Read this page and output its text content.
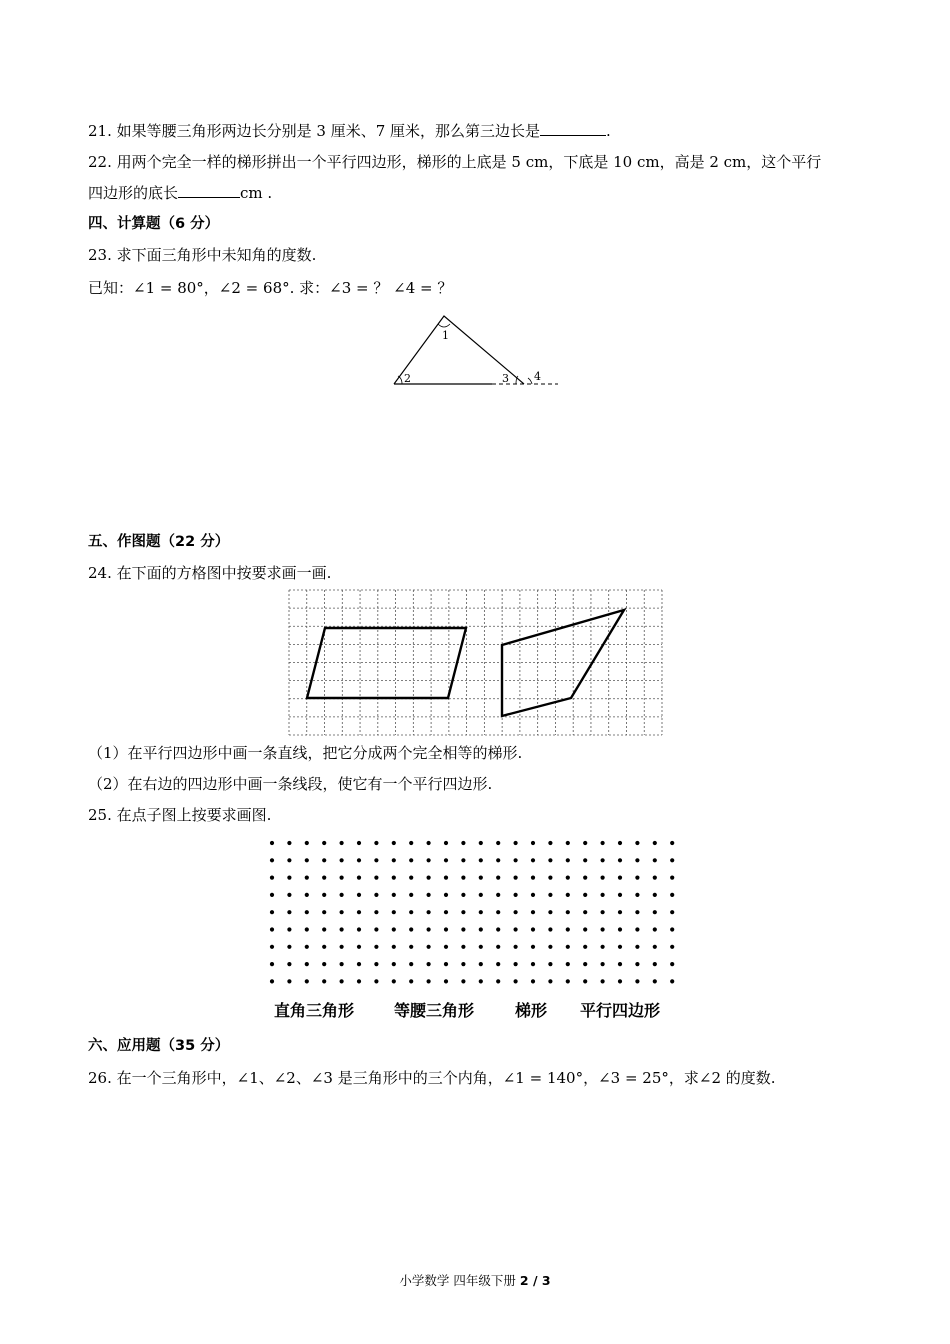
21. 如果等腰三角形两边长分别是 3 厘米、7 厘米，那么第三边长是	.
22. 用两个完全一样的梯形拼出一个平行四边形，梯形的上底是 5 cm，下底是 10 cm，高是 2 cm，这个平行
四边形的底长	cm .
四、计算题（6 分）
23. 求下面三角形中未知角的度数.
已知：∠1 = 80°，∠2 = 68°. 求：∠3 = ？ ∠4 = ？
1
2	3 4
五、作图题（22 分）
24. 在下面的方格图中按要求画一画.
（1）在平行四边形中画一条直线，把它分成两个完全相等的梯形.
（2）在右边的四边形中画一条线段，使它有一个平行四边形.
25. 在点子图上按要求画图.
直角三角形 等腰三角形	梯形 平行四边形
六、应用题（35 分）
26. 在一个三角形中，∠1、∠2、∠3 是三角形中的三个内角，∠1 = 140°，∠3 = 25°，求∠2 的度数.
小学数学 四年级下册 2 / 3
